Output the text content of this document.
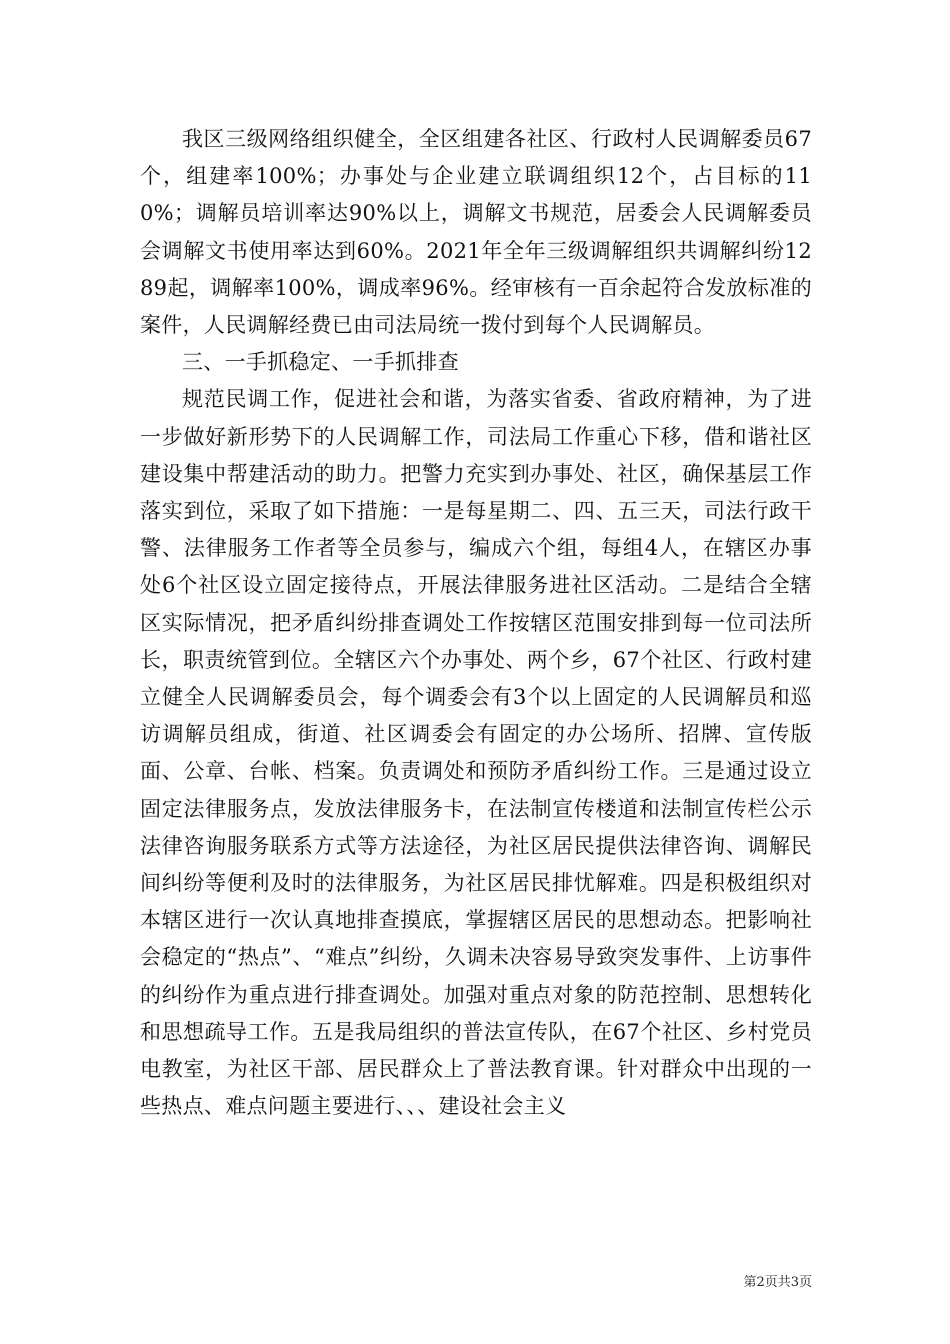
我区三级网络组织健全，全区组建各社区、行政村人民调解委员67个，组建率100%；办事处与企业建立联调组织12个，占目标的110%；调解员培训率达90%以上，调解文书规范，居委会人民调解委员会调解文书使用率达到60%。2021年全年三级调解组织共调解纠纷1289起，调解率100%，调成率96%。经审核有一百余起符合发放标准的案件，人民调解经费已由司法局统一拨付到每个人民调解员。

三、一手抓稳定、一手抓排查

规范民调工作，促进社会和谐，为落实省委、省政府精神，为了进一步做好新形势下的人民调解工作，司法局工作重心下移，借和谐社区建设集中帮建活动的助力。把警力充实到办事处、社区，确保基层工作落实到位，采取了如下措施：一是每星期二、四、五三天，司法行政干警、法律服务工作者等全员参与，编成六个组，每组4人，在辖区办事处6个社区设立固定接待点，开展法律服务进社区活动。二是结合全辖区实际情况，把矛盾纠纷排查调处工作按辖区范围安排到每一位司法所长，职责统管到位。全辖区六个办事处、两个乡，67个社区、行政村建立健全人民调解委员会，每个调委会有3个以上固定的人民调解员和巡访调解员组成，街道、社区调委会有固定的办公场所、招牌、宣传版面、公章、台帐、档案。负责调处和预防矛盾纠纷工作。三是通过设立固定法律服务点，发放法律服务卡，在法制宣传楼道和法制宣传栏公示法律咨询服务联系方式等方法途径，为社区居民提供法律咨询、调解民间纠纷等便利及时的法律服务，为社区居民排忧解难。四是积极组织对本辖区进行一次认真地排查摸底，掌握辖区居民的思想动态。把影响社会稳定的“热点”、“难点”纠纷，久调未决容易导致突发事件、上访事件的纠纷作为重点进行排查调处。加强对重点对象的防范控制、思想转化和思想疏导工作。五是我局组织的普法宣传队，在67个社区、乡村党员电教室，为社区干部、居民群众上了普法教育课。针对群众中出现的一些热点、难点问题主要进行、、、建设社会主义

第2页共3页
